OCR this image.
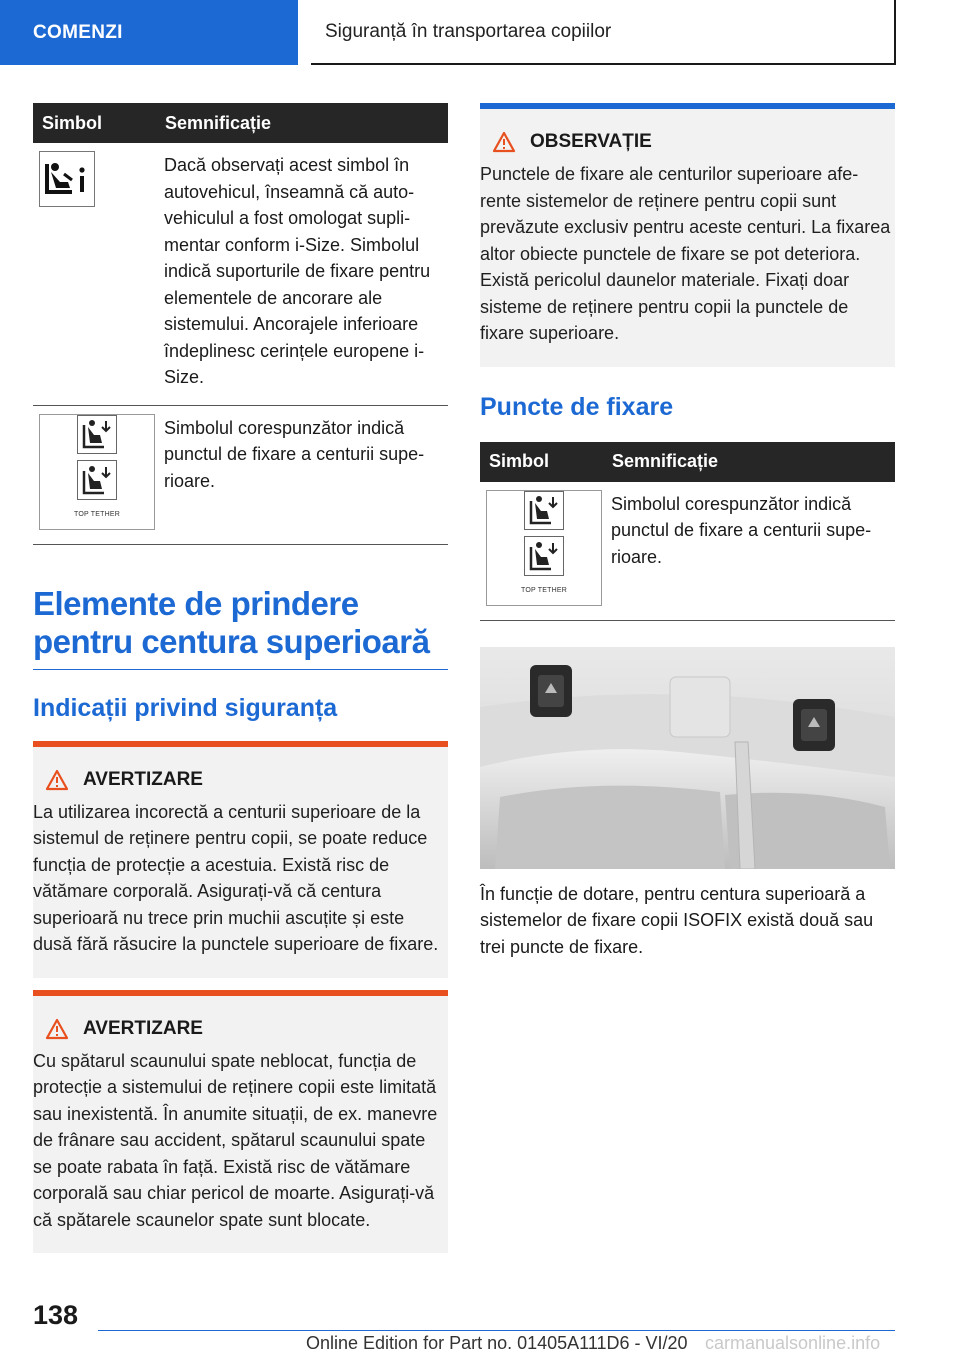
COMENZI	Siguranță în transportarea copiilor
Simbol	Semnificație

	Dacă observați acest simbol în autovehicul, înseamnă că autovehiculul a fost omologat suplimentar conform i-Size. Simbolul indică suporturile de fixare pentru elementele de ancorare ale sistemului. Ancorajele inferioare îndeplinesc cerințele europene i-Size.

TOP TETHER	Simbolul corespunzător indică punctul de fixare a centurii superioare.
Elemente de prindere pentru centura superioară
Indicații privind siguranța
AVERTIZARE
La utilizarea incorectă a centurii superioare de la sistemul de reținere pentru copii, se poate reduce funcția de protecție a acestuia. Există risc de vătămare corporală. Asigurați-vă că centura superioară nu trece prin muchii ascuțite și este dusă fără răsucire la punctele superioare de fixare.
AVERTIZARE
Cu spătarul scaunului spate neblocat, funcția de protecție a sistemului de reținere copii este limitată sau inexistentă. În anumite situații, de ex. manevre de frânare sau accident, spătarul scaunului spate se poate rabata în față. Există risc de vătămare corporală sau chiar pericol de moarte. Asigurați-vă că spătarele scaunelor spate sunt blocate.
OBSERVAȚIE
Punctele de fixare ale centurilor superioare aferente sistemelor de reținere pentru copii sunt prevăzute exclusiv pentru aceste centuri. La fixarea altor obiecte punctele de fixare se pot deteriora. Există pericolul daunelor materiale. Fixați doar sisteme de reținere pentru copii la punctele de fixare superioare.
Puncte de fixare
Simbol	Semnificație

TOP TETHER	Simbolul corespunzător indică punctul de fixare a centurii superioare.
În funcție de dotare, pentru centura superioară a sistemelor de fixare copii ISOFIX există două sau trei puncte de fixare.
138
Online Edition for Part no. 01405A111D6 - VI/20 carmanualsonline.info
